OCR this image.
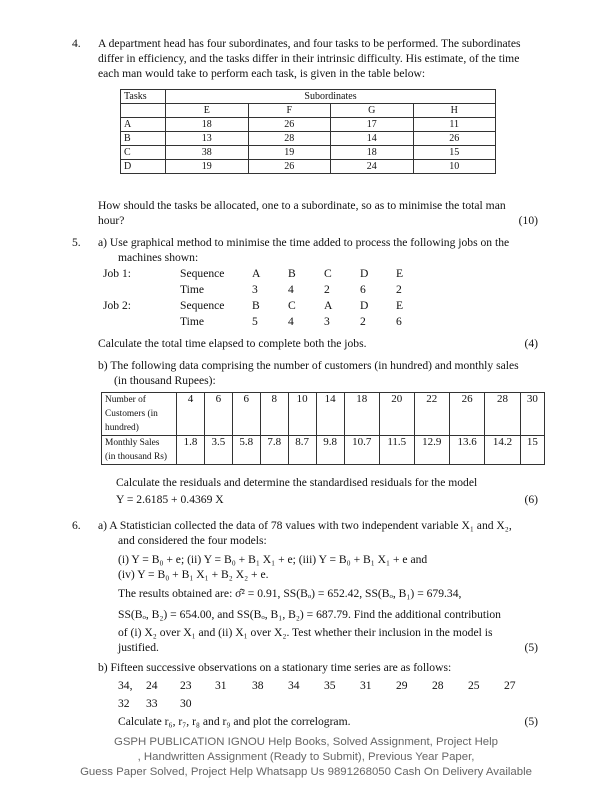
4. A department head has four subordinates, and four tasks to be performed. The subordinates
differ in efficiency, and the tasks differ in their intrinsic difficulty. His estimate, of the time
each man would take to perform each task, is given in the table below:
Tasks	Subordinates			
	E	F	G	H
A	18	26	17	11
B	13	28	14	26
C	38	19	18	15
D	19	26	24	10
How should the tasks be allocated, one to a subordinate, so as to minimise the total man
hour?	(10)
5. a) Use graphical method to minimise the time added to process the following jobs on the
machines shown:
Job 1:	Sequence A B C D E
Time	3	4	2	6	2
Job 2:	Sequence B C A D E
Time	5	4	3	2	6
Calculate the total time elapsed to complete both the jobs.	(4)
b) The following data comprising the number of customers (in hundred) and monthly sales
(in thousand Rupees):
Number of
Customers (in
hundred)	4	6	6	8	10	14	18	20	22	26	28	30

Monthly Sales
(in thousand Rs)	1.8	3.5	5.8	7.8	8.7	9.8	10.7	11.5	12.9	13.6	14.2	15
Calculate the residuals and determine the standardised residuals for the model
Y = 2.6185 + 0.4369 X	(6)
6. a) A Statistician collected the data of 78 values with two independent variable X₁ and X₂,
and considered the four models:
(i) Y = B₀ + e; (ii) Y = B₀ + B₁ X₁ + e; (iii) Y = B₀ + B₁ X₁ + e and
(iv) Y = B₀ + B₁ X₁ + B₂ X₂ + e.
The results obtained are: σ̂² = 0.91, SS(Bₒ) = 652.42, SS(Bₒ, B₁) = 679.34,
SS(Bₒ, B₂) = 654.00, and SS(Bₒ, B₁, B₂) = 687.79. Find the additional contribution
of (i) X₂ over X₁ and (ii) X₁ over X₂. Test whether their inclusion in the model is
justified.	(5)
b) Fifteen successive observations on a stationary time series are as follows:
34, 24 23 31 38 34 35 31 29 28 25 27
32 33 30
Calculate r₆, r₇, r₈ and r₉ and plot the correlogram.	(5)
GSPH PUBLICATION IGNOU Help Books, Solved Assignment, Project Help
, Handwritten Assignment (Ready to Submit), Previous Year Paper,
Guess Paper Solved, Project Help Whatsapp Us 9891268050 Cash On Delivery Available
